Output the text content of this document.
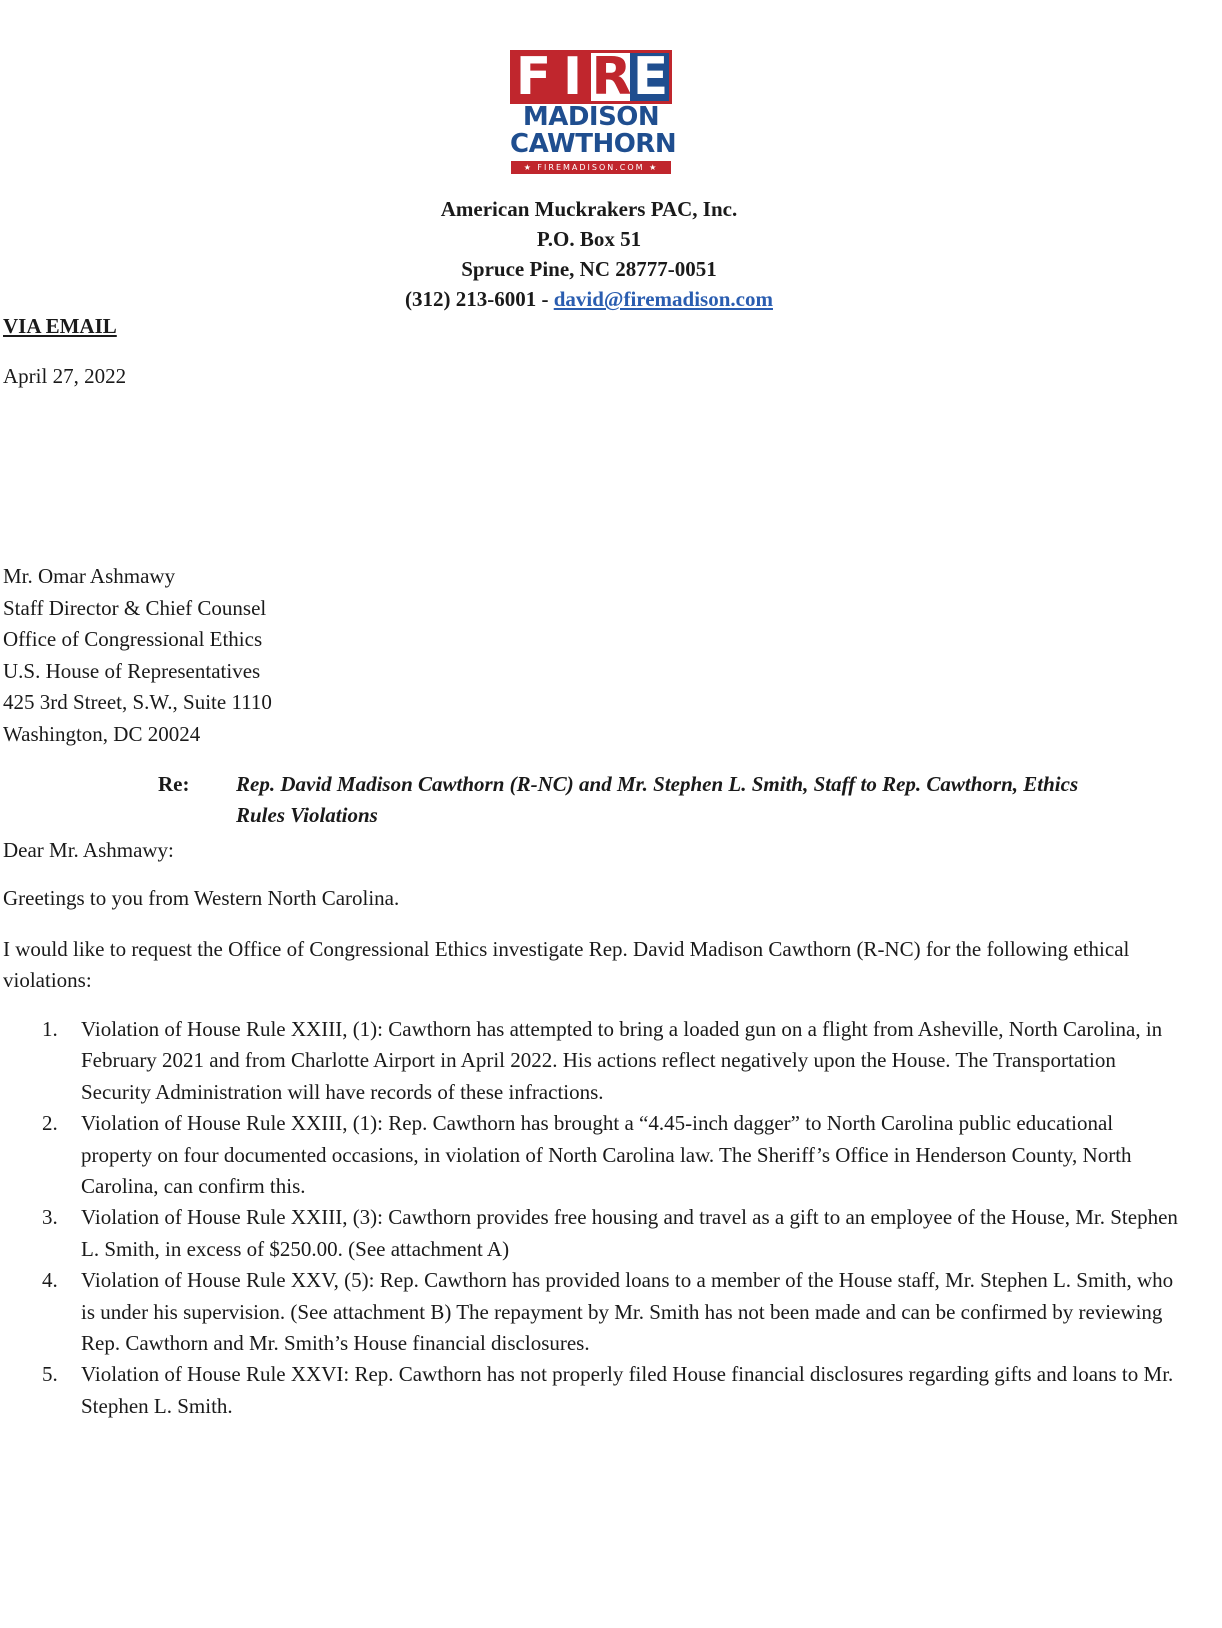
F I R E
MADISON
CAWTHORN
★ FIREMADISON.COM ★
American Muckrakers PAC, Inc.
P.O. Box 51
Spruce Pine, NC 28777-0051
(312) 213-6001 - david@firemadison.com
VIA EMAIL
April 27, 2022
Mr. Omar Ashmawy
Staff Director & Chief Counsel
Office of Congressional Ethics
U.S. House of Representatives
425 3rd Street, S.W., Suite 1110
Washington, DC 20024
Re: Rep. David Madison Cawthorn (R-NC) and Mr. Stephen L. Smith, Staff to Rep. Cawthorn, Ethics Rules Violations
Dear Mr. Ashmawy:
Greetings to you from Western North Carolina.
I would like to request the Office of Congressional Ethics investigate Rep. David Madison Cawthorn (R-NC) for the following ethical violations:
1. Violation of House Rule XXIII, (1): Cawthorn has attempted to bring a loaded gun on a flight from Asheville, North Carolina, in February 2021 and from Charlotte Airport in April 2022. His actions reflect negatively upon the House. The Transportation Security Administration will have records of these infractions.
2. Violation of House Rule XXIII, (1): Rep. Cawthorn has brought a “4.45-inch dagger” to North Carolina public educational property on four documented occasions, in violation of North Carolina law. The Sheriff’s Office in Henderson County, North Carolina, can confirm this.
3. Violation of House Rule XXIII, (3): Cawthorn provides free housing and travel as a gift to an employee of the House, Mr. Stephen L. Smith, in excess of $250.00. (See attachment A)
4. Violation of House Rule XXV, (5): Rep. Cawthorn has provided loans to a member of the House staff, Mr. Stephen L. Smith, who is under his supervision. (See attachment B) The repayment by Mr. Smith has not been made and can be confirmed by reviewing Rep. Cawthorn and Mr. Smith’s House financial disclosures.
5. Violation of House Rule XXVI: Rep. Cawthorn has not properly filed House financial disclosures regarding gifts and loans to Mr. Stephen L. Smith.
